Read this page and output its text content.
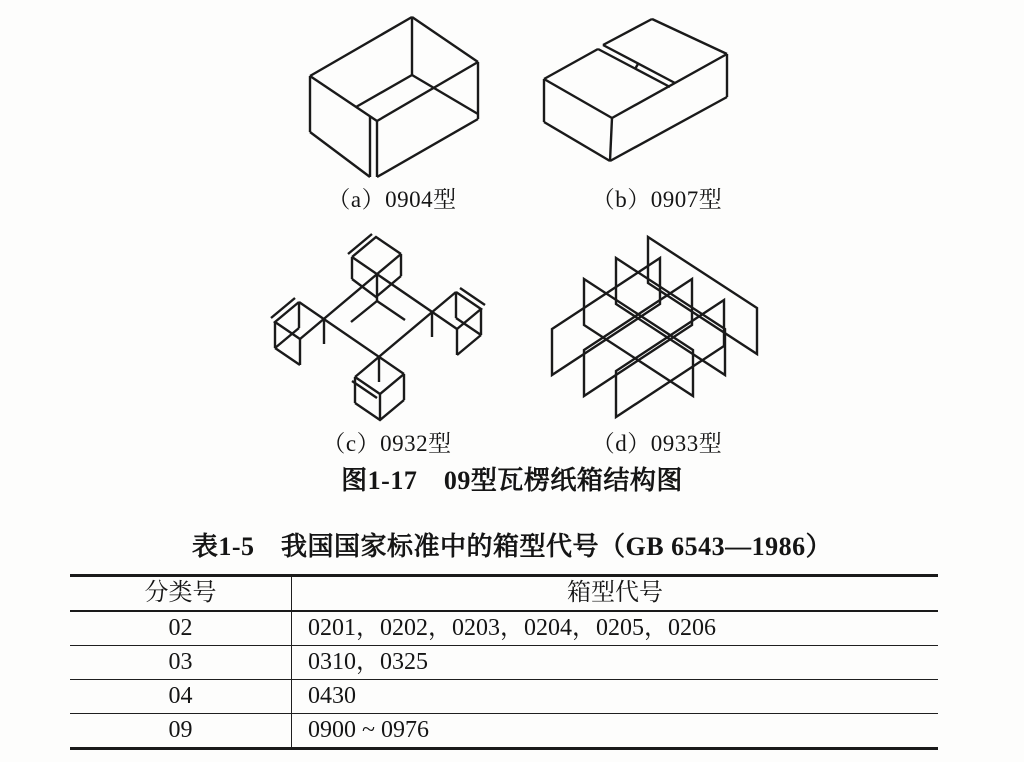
（a）0904型	（b）0907型
（c）0932型	（d）0933型
图1-17　09型瓦楞纸箱结构图
表1-5　我国国家标准中的箱型代号（GB 6543—1986）
分类号	箱型代号
02	0201，0202，0203，0204，0205，0206
03	0310，0325
04	0430
09	0900 ~ 0976
